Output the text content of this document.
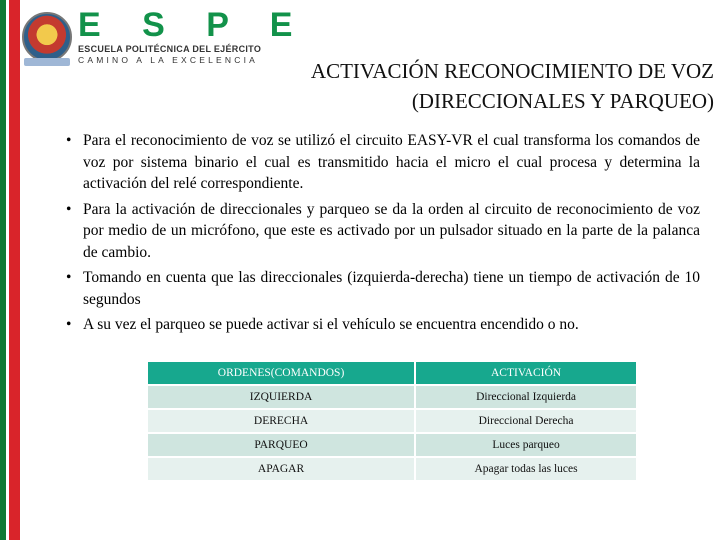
E S P E
ESCUELA POLITÉCNICA DEL EJÉRCITO
CAMINO A LA EXCELENCIA	ACTIVACIÓN RECONOCIMIENTO DE VOZ
(DIRECCIONALES Y PARQUEO)
• Para el reconocimiento de voz se utilizó el circuito EASY-VR el cual transforma los comandos de voz por sistema binario el cual es transmitido hacia el micro el cual procesa y determina la activación del relé correspondiente.
• Para la activación de direccionales y parqueo se da la orden al circuito de reconocimiento de voz por medio de un micrófono, que este es activado por un pulsador situado en la parte de la palanca de cambio.
• Tomando en cuenta que las direccionales (izquierda-derecha) tiene un tiempo de activación de 10 segundos
• A su vez el parqueo se puede activar si el vehículo se encuentra encendido o no.
ORDENES(COMANDOS)	ACTIVACIÓN
IZQUIERDA	Direccional Izquierda
DERECHA	Direccional Derecha
PARQUEO	Luces parqueo
APAGAR	Apagar todas las luces
